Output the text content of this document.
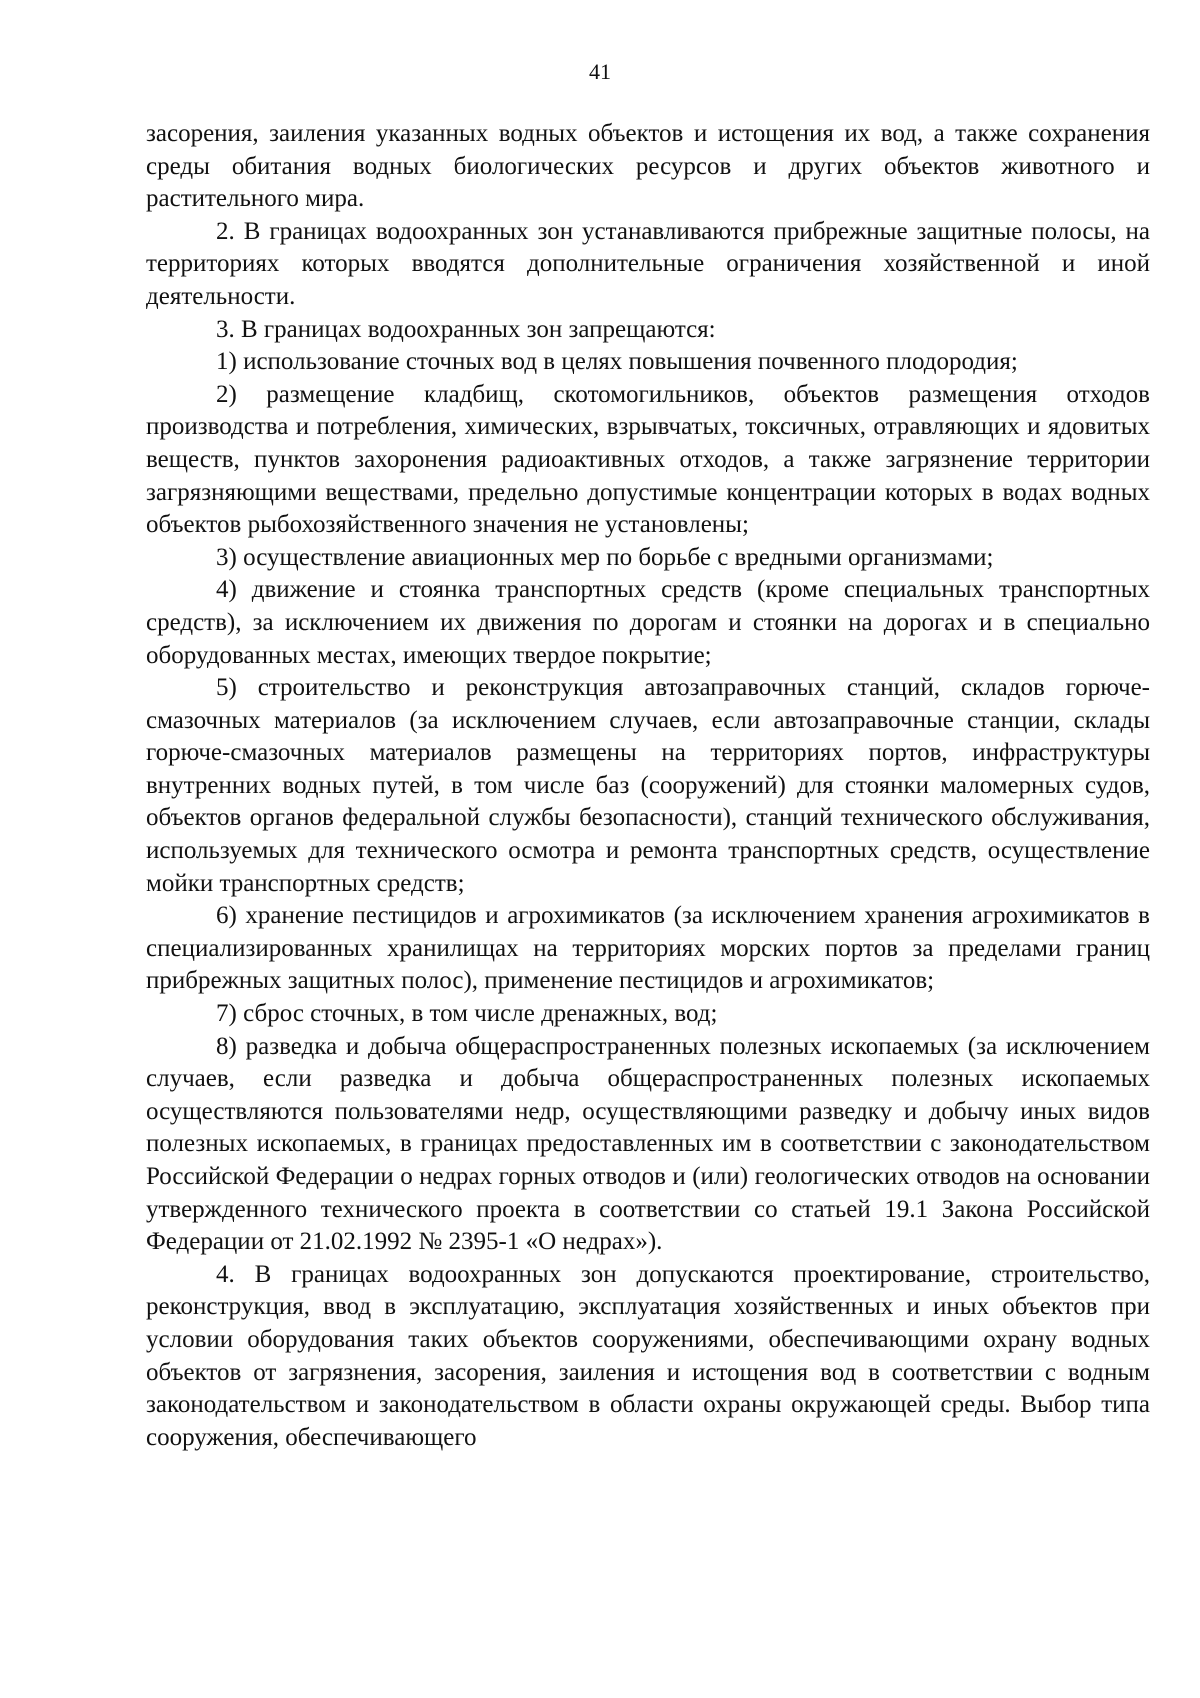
41

засорения, заиления указанных водных объектов и истощения их вод, а также сохранения среды обитания водных биологических ресурсов и других объектов животного и растительного мира.

2. В границах водоохранных зон устанавливаются прибрежные защитные полосы, на территориях которых вводятся дополнительные ограничения хозяйственной и иной деятельности.

3. В границах водоохранных зон запрещаются:

1) использование сточных вод в целях повышения почвенного плодородия;

2) размещение кладбищ, скотомогильников, объектов размещения отходов производства и потребления, химических, взрывчатых, токсичных, отравляющих и ядовитых веществ, пунктов захоронения радиоактивных отходов, а также загрязнение территории загрязняющими веществами, предельно допустимые концентрации которых в водах водных объектов рыбохозяйственного значения не установлены;

3) осуществление авиационных мер по борьбе с вредными организмами;

4) движение и стоянка транспортных средств (кроме специальных транспортных средств), за исключением их движения по дорогам и стоянки на дорогах и в специально оборудованных местах, имеющих твердое покрытие;

5) строительство и реконструкция автозаправочных станций, складов горюче-смазочных материалов (за исключением случаев, если автозаправочные станции, склады горюче-смазочных материалов размещены на территориях портов, инфраструктуры внутренних водных путей, в том числе баз (сооружений) для стоянки маломерных судов, объектов органов федеральной службы безопасности), станций технического обслуживания, используемых для технического осмотра и ремонта транспортных средств, осуществление мойки транспортных средств;

6) хранение пестицидов и агрохимикатов (за исключением хранения агрохимикатов в специализированных хранилищах на территориях морских портов за пределами границ прибрежных защитных полос), применение пестицидов и агрохимикатов;

7) сброс сточных, в том числе дренажных, вод;

8) разведка и добыча общераспространенных полезных ископаемых (за исключением случаев, если разведка и добыча общераспространенных полезных ископаемых осуществляются пользователями недр, осуществляющими разведку и добычу иных видов полезных ископаемых, в границах предоставленных им в соответствии с законодательством Российской Федерации о недрах горных отводов и (или) геологических отводов на основании утвержденного технического проекта в соответствии со статьей 19.1 Закона Российской Федерации от 21.02.1992 № 2395-1 «О недрах»).

4. В границах водоохранных зон допускаются проектирование, строительство, реконструкция, ввод в эксплуатацию, эксплуатация хозяйственных и иных объектов при условии оборудования таких объектов сооружениями, обеспечивающими охрану водных объектов от загрязнения, засорения, заиления и истощения вод в соответствии с водным законодательством и законодательством в области охраны окружающей среды. Выбор типа сооружения, обеспечивающего
